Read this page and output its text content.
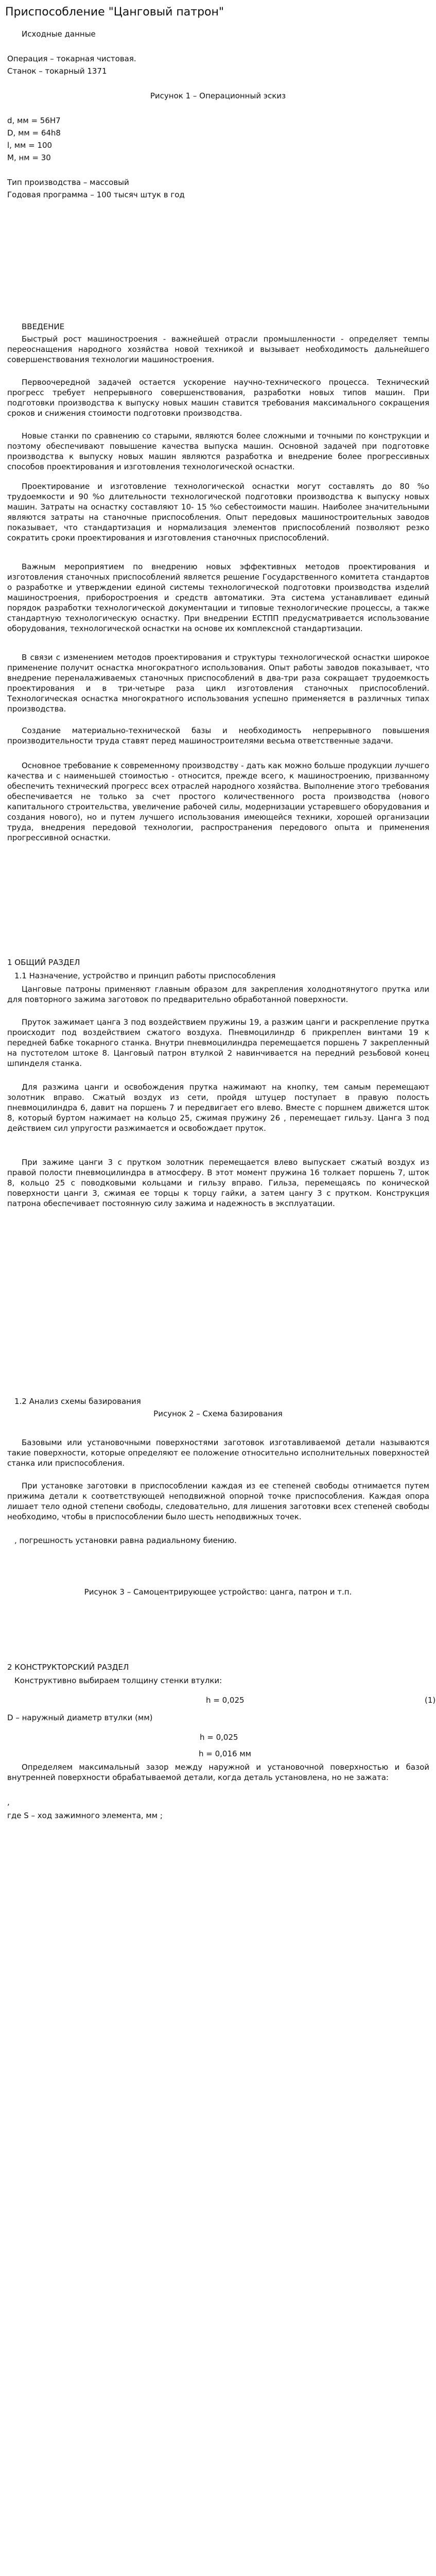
Приспособление "Цанговый патрон"
Исходные данные
Операция – токарная чистовая.
Станок – токарный 1371
Рисунок 1 – Операционный эскиз
d, мм = 56Н7
D, мм = 64h8
l, мм = 100
M, нм = 30
Тип производства – массовый
Годовая программа – 100 тысяч штук в год
ВВЕДЕНИЕ
Быстрый рост машиностроения - важнейшей отрасли промышленности - определяет темпы переоснащения народного хозяйства новой техникой и вызывает необходимость дальнейшего совершенствования технологии машиностроения.
Первоочередной задачей остается ускорение научно-технического процесса. Технический прогресс требует непрерывного совершенствования, разработки новых типов машин. При подготовки производства к выпуску новых машин ставится требования максимального сокращения сроков и снижения стоимости подготовки производства.
Новые станки по сравнению со старыми, являются более сложными и точными по конструкции и поэтому обеспечивают повышение качества выпуска машин. Основной задачей при подготовке производства к выпуску новых машин являются разработка и внедрение более прогрессивных способов проектирования и изготовления технологической оснастки.
Проектирование и изготовление технологической оснастки могут составлять до 80 %о трудоемкости и 90 %о длительности технологической подготовки производства к выпуску новых машин. Затраты на оснастку составляют 10- 15 %о себестоимости машин. Наиболее значительными являются затраты на станочные приспособления. Опыт передовых машиностроительных заводов показывает, что стандартизация и нормализация элементов приспособлений позволяют резко сократить сроки проектирования и изготовления станочных приспособлений.
Важным мероприятием по внедрению новых эффективных методов проектирования и изготовления станочных приспособлений является решение Государственного комитета стандартов о разработке и утверждении единой системы технологической подготовки производства изделий машиностроения, приборостроения и средств автоматики. Эта система устанавливает единый порядок разработки технологической документации и типовые технологические процессы, а также стандартную технологическую оснастку. При внедрении ЕСТПП предусматривается использование оборудования, технологической оснастки на основе их комплексной стандартизации.
В связи с изменением методов проектирования и структуры технологической оснастки широкое применение получит оснастка многократного использования. Опыт работы заводов показывает, что внедрение переналаживаемых станочных приспособлений в два-три раза сокращает трудоемкость проектирования и в три-четыре раза цикл изготовления станочных приспособлений. Технологическая оснастка многократного использования успешно применяется в различных типах производства.
Создание материально-технической базы и необходимость непрерывного повышения производительности труда ставят перед машиностроителями весьма ответственные задачи.
Основное требование к современному производству - дать как можно больше продукции лучшего качества и с наименьшей стоимостью - относится, прежде всего, к машиностроению, призванному обеспечить технический прогресс всех отраслей народного хозяйства. Выполнение этого требования обеспечивается не только за счет простого количественного роста производства (нового капитального строительства, увеличение рабочей силы, модернизации устаревшего оборудования и создания нового), но и путем лучшего использования имеющейся техники, хорошей организации труда, внедрения передовой технологии, распространения передового опыта и применения прогрессивной оснастки.
1 ОБЩИЙ РАЗДЕЛ
1.1 Назначение, устройство и принцип работы приспособления
Цанговые патроны применяют главным образом для закрепления холоднотянутого прутка или для повторного зажима заготовок по предварительно обработанной поверхности.
Пруток зажимает цанга 3 под воздействием пружины 19, а разжим цанги и раскрепление прутка происходит под воздействием сжатого воздуха. Пневмоцилиндр 6 прикреплен винтами 19 к передней бабке токарного станка. Внутри пневмоцилиндра перемещается поршень 7 закрепленный на пустотелом штоке 8. Цанговый патрон втулкой 2 навинчивается на передний резьбовой конец шпинделя станка.
Для разжима цанги и освобождения прутка нажимают на кнопку, тем самым перемещают золотник вправо. Сжатый воздух из сети, пройдя штуцер поступает в правую полость пневмоцилиндра 6, давит на поршень 7 и передвигает его влево. Вместе с поршнем движется шток 8, который буртом нажимает на кольцо 25, сжимая пружину 26 , перемещает гильзу. Цанга 3 под действием сил упругости разжимается и освобождает пруток.
При зажиме цанги 3 с прутком золотник перемещается влево выпускает сжатый воздух из правой полости пневмоцилиндра в атмосферу. В этот момент пружина 16 толкает поршень 7, шток 8, кольцо 25 с поводковыми кольцами и гильзу вправо. Гильза, перемещаясь по конической поверхности цанги 3, сжимая ее торцы к торцу гайки, а затем цангу 3 с прутком. Конструкция патрона обеспечивает постоянную силу зажима и надежность в эксплуатации.
1.2 Анализ схемы базирования
Рисунок 2 – Схема базирования
Базовыми или установочными поверхностями заготовок изготавливаемой детали называются такие поверхности, которые определяют ее положение относительно исполнительных поверхностей станка или приспособления.
При установке заготовки в приспособлении каждая из ее степеней свободы отнимается путем прижима детали к соответствующей неподвижной опорной точке приспособления. Каждая опора лишает тело одной степени свободы, следовательно, для лишения заготовки всех степеней свободы необходимо, чтобы в приспособлении было шесть неподвижных точек.
, погрешность установки равна радиальному биению.
Рисунок 3 – Самоцентрирующее устройство: цанга, патрон и т.п.
2 КОНСТРУКТОРСКИЙ РАЗДЕЛ
Конструктивно выбираем толщину стенки втулки:
h = 0,025	(1)
D – наружный диаметр втулки (мм)
h = 0,025
h = 0,016 мм
Определяем максимальный зазор между наружной и установочной поверхностью и базой внутренней поверхности обрабатываемой детали, когда деталь установлена, но не зажата:
,
где S – ход зажимного элемента, мм ;
